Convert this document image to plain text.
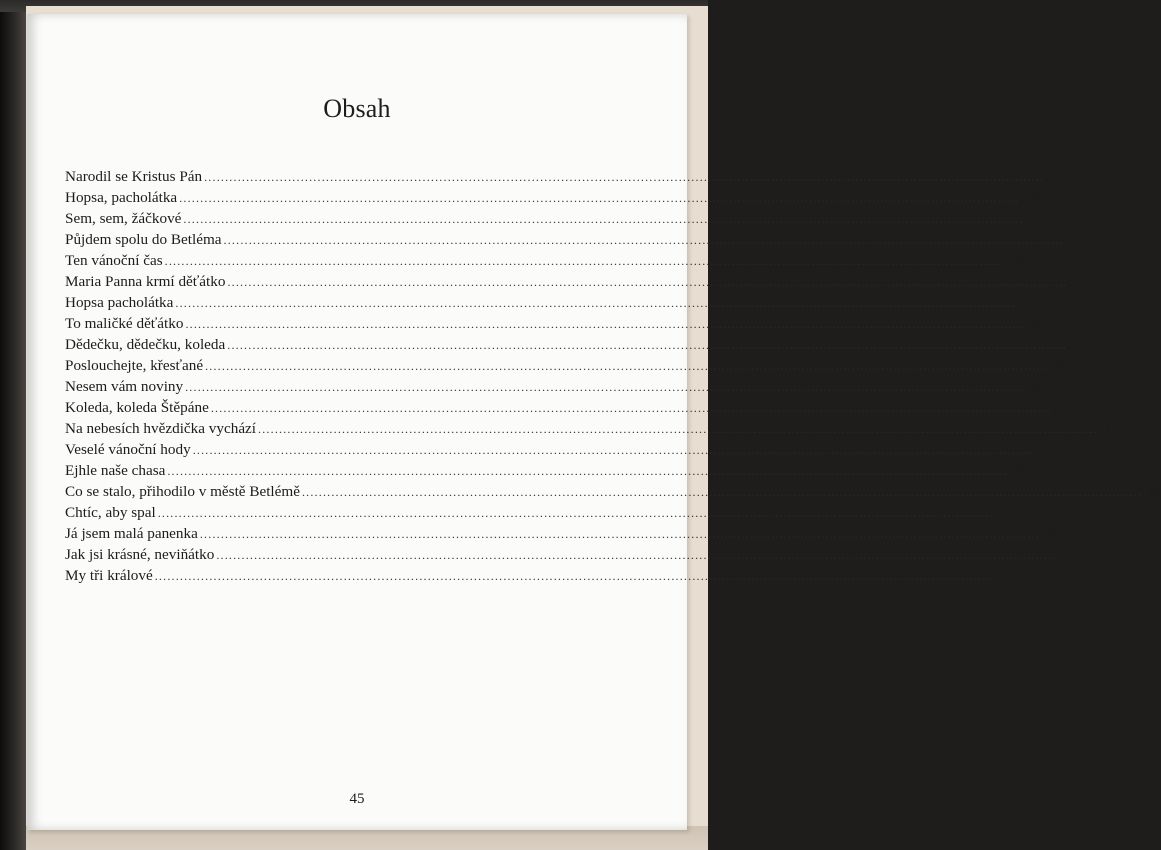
Obsah
Narodil se Kristus Pán ........................................................................................................................................................................................................ 8
Hopsa, pacholátka ........................................................................................................................................................................................................ 10
Sem, sem, žáčkové ........................................................................................................................................................................................................ 14
Půjdem spolu do Betléma ........................................................................................................................................................................................................ 16
Ten vánoční čas ........................................................................................................................................................................................................ 18
Maria Panna krmí děťátko ........................................................................................................................................................................................................ 20
Hopsa pacholátka ........................................................................................................................................................................................................ 22
To maličké děťátko ........................................................................................................................................................................................................ 24
Dědečku, dědečku, koleda ........................................................................................................................................................................................................ 25
Poslouchejte, křesťané ........................................................................................................................................................................................................ 26
Nesem vám noviny ........................................................................................................................................................................................................ 28
Koleda, koleda Štěpáne ........................................................................................................................................................................................................ 30
Na nebesích hvězdička vychází ........................................................................................................................................................................................................ 31
Veselé vánoční hody ........................................................................................................................................................................................................ 32
Ejhle naše chasa ........................................................................................................................................................................................................ 34
Co se stalo, přihodilo v městě Betlémě ........................................................................................................................................................................................................ 36
Chtíc, aby spal ........................................................................................................................................................................................................ 38
Já jsem malá panenka ........................................................................................................................................................................................................ 40
Jak jsi krásné, neviňátko ........................................................................................................................................................................................................ 41
My tři králové ........................................................................................................................................................................................................ 42
45
